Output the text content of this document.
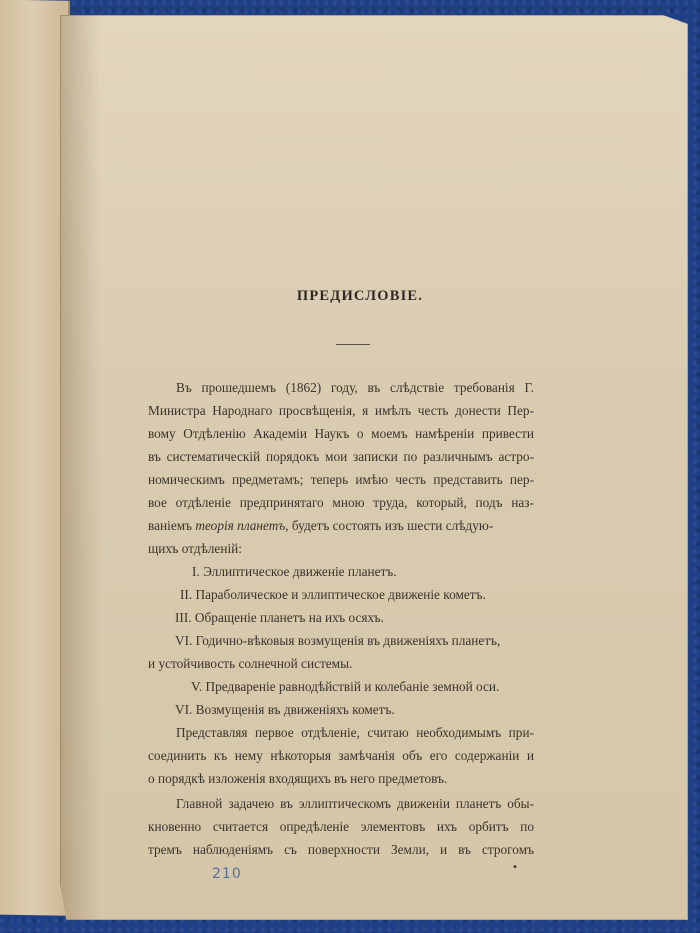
ПРЕДИСЛОВІЕ.
Въ прошедшемъ (1862) году, въ слѣдствіе требованія Г.
Министра Народнаго просвѣщенія, я имѣлъ честь донести Пер-
вому Отдѣленію Академіи Наукъ о моемъ намѣреніи привести
въ систематическій порядокъ мои записки по различнымъ астро-
номическимъ предметамъ; теперь имѣю честь представить пер-
вое отдѣленіе предпринятаго мною труда, который, подъ наз-
ваніемъ теорія планетъ, будетъ состоять изъ шести слѣдую-
щихъ отдѣленій:
I. Эллиптическое движеніе планетъ.
II. Параболическое и эллиптическое движеніе кометъ.
III. Обращеніе планетъ на ихъ осяхъ.
VI. Годично-вѣковыя возмущенія въ движеніяхъ планетъ,
и устойчивость солнечной системы.
V. Предвареніе равнодѣйствій и колебаніе земной оси.
VI. Возмущенія въ движеніяхъ кометъ.
Представляя первое отдѣленіе, считаю необходимымъ при-
соединить къ нему нѣкоторыя замѣчанія объ его содержаніи и
о порядкѣ изложенія входящихъ въ него предметовъ.
Главной задачею въ эллиптическомъ движеніи планетъ обы-
кновенно считается опредѣленіе элементовъ ихъ орбитъ по
тремъ наблюденіямъ съ поверхности Земли, и въ строгомъ
210	•
